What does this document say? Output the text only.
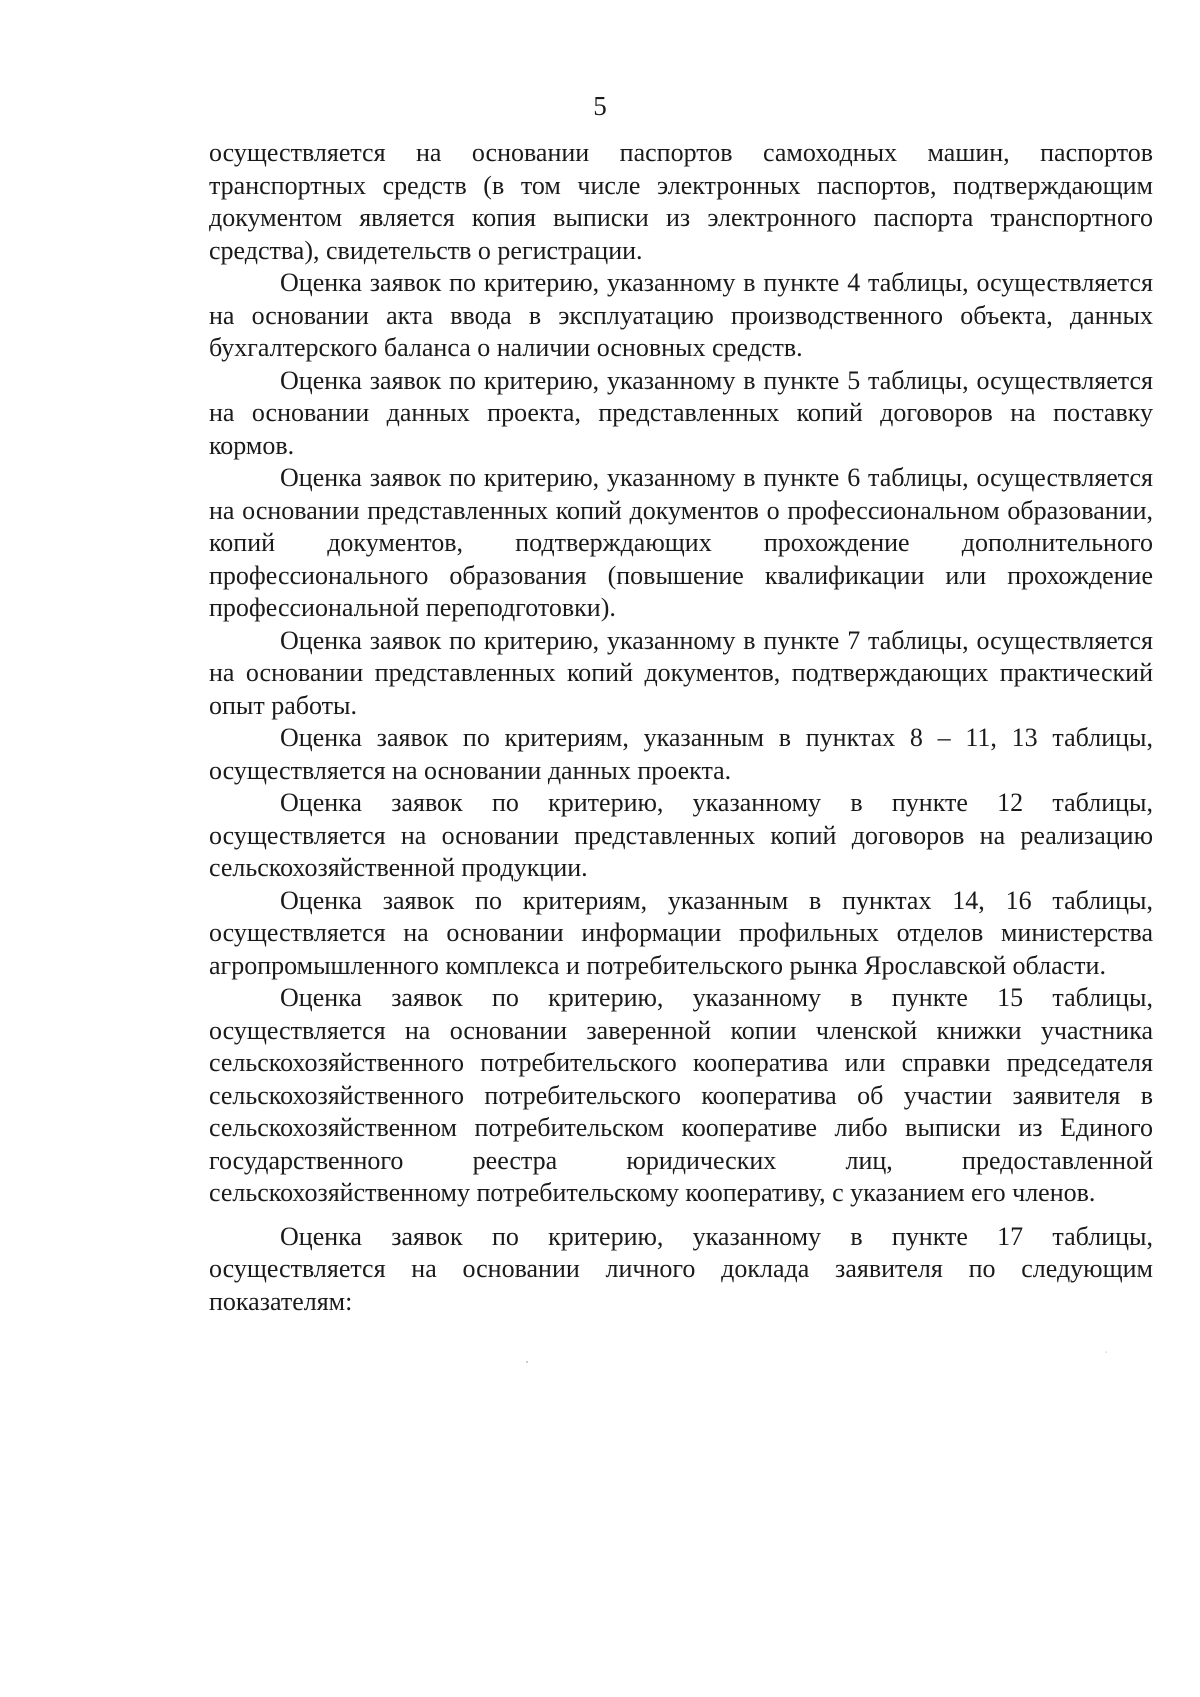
5

осуществляется на основании паспортов самоходных машин, паспортов транспортных средств (в том числе электронных паспортов, подтверждающим документом является копия выписки из электронного паспорта транспортного средства), свидетельств о регистрации.

Оценка заявок по критерию, указанному в пункте 4 таблицы, осуществляется на основании акта ввода в эксплуатацию производственного объекта, данных бухгалтерского баланса о наличии основных средств.

Оценка заявок по критерию, указанному в пункте 5 таблицы, осуществляется на основании данных проекта, представленных копий договоров на поставку кормов.

Оценка заявок по критерию, указанному в пункте 6 таблицы, осуществляется на основании представленных копий документов о профессиональном образовании, копий документов, подтверждающих прохождение дополнительного профессионального образования (повышение квалификации или прохождение профессиональной переподготовки).

Оценка заявок по критерию, указанному в пункте 7 таблицы, осуществляется на основании представленных копий документов, подтверждающих практический опыт работы.

Оценка заявок по критериям, указанным в пунктах 8 – 11, 13 таблицы, осуществляется на основании данных проекта.

Оценка заявок по критерию, указанному в пункте 12 таблицы, осуществляется на основании представленных копий договоров на реализацию сельскохозяйственной продукции.

Оценка заявок по критериям, указанным в пунктах 14, 16 таблицы, осуществляется на основании информации профильных отделов министерства агропромышленного комплекса и потребительского рынка Ярославской области.

Оценка заявок по критерию, указанному в пункте 15 таблицы, осуществляется на основании заверенной копии членской книжки участника сельскохозяйственного потребительского кооператива или справки председателя сельскохозяйственного потребительского кооператива об участии заявителя в сельскохозяйственном потребительском кооперативе либо выписки из Единого государственного реестра юридических лиц, предоставленной сельскохозяйственному потребительскому кооперативу, с указанием его членов.

Оценка заявок по критерию, указанному в пункте 17 таблицы, осуществляется на основании личного доклада заявителя по следующим показателям:
